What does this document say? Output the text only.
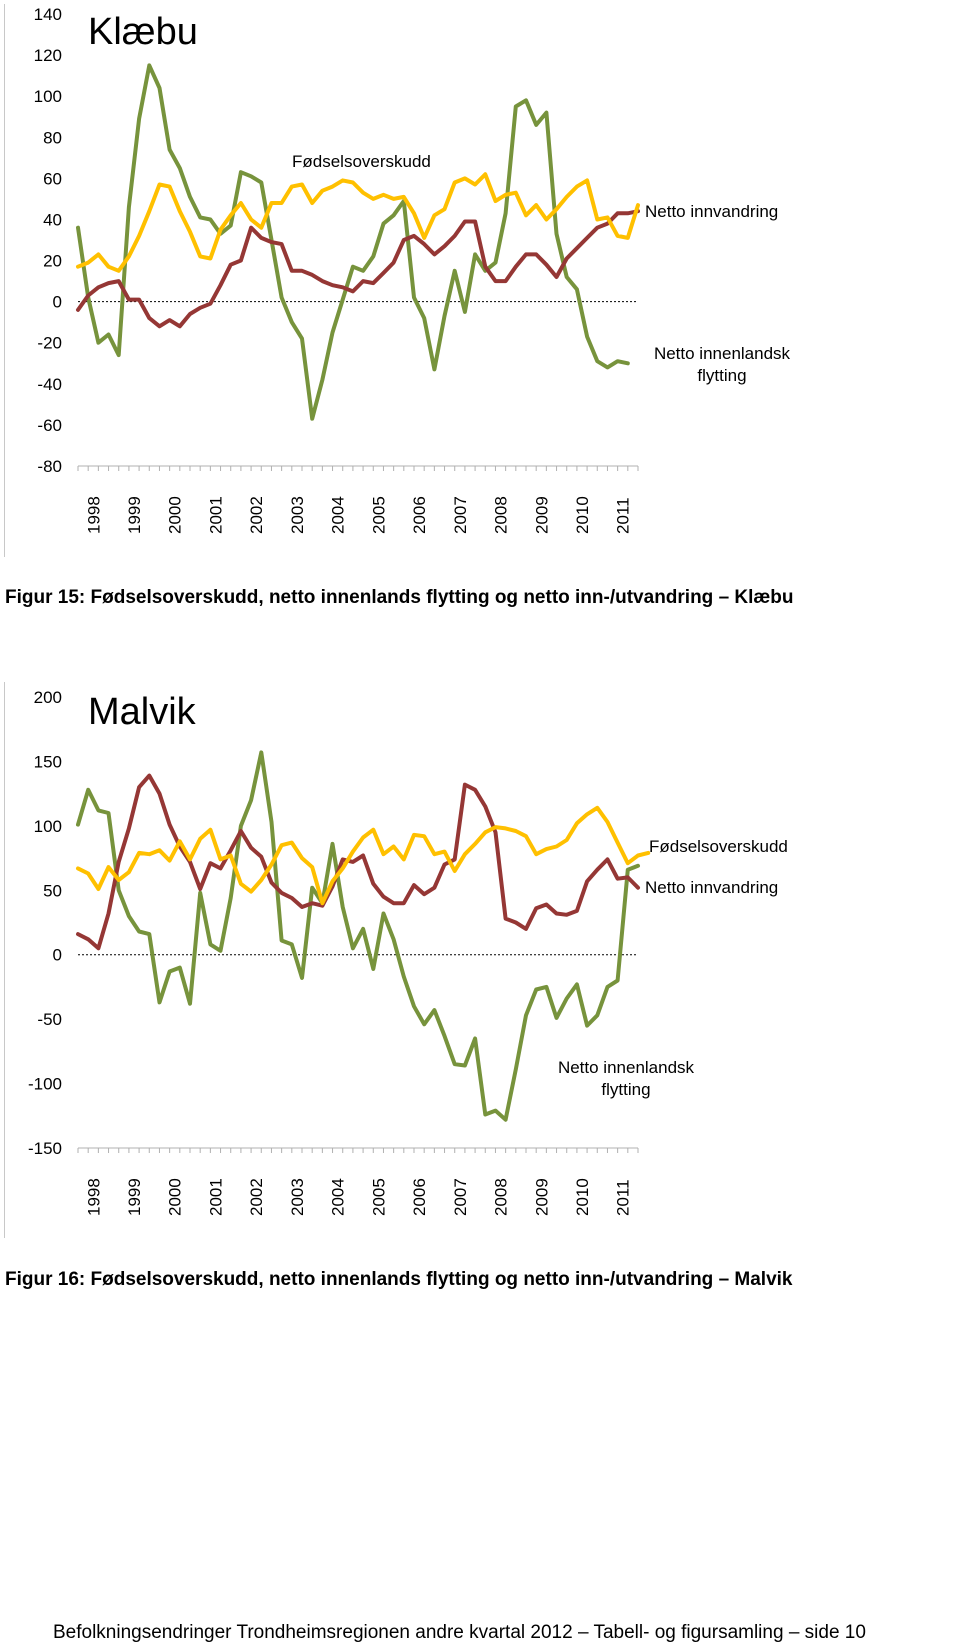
Klæbu
140
120
100
80
60
40
20
0
-20
-40
-60
-80
1998 1999 2000 2001 2002 2003 2004 2005 2006 2007 2008 2009 2010 2011
Fødselsoverskudd
Netto innvandring
Netto innenlandsk
flytting
Figur 15: Fødselsoverskudd, netto innenlands flytting og netto inn-/utvandring – Klæbu
Malvik
200
150
100
50
0
-50
-100
-150
1998 1999 2000 2001 2002 2003 2004 2005 2006 2007 2008 2009 2010 2011
Fødselsoverskudd
Netto innvandring
Netto innenlandsk
flytting
Figur 16: Fødselsoverskudd, netto innenlands flytting og netto inn-/utvandring – Malvik
Befolkningsendringer Trondheimsregionen andre kvartal 2012 – Tabell- og figursamling – side 10
